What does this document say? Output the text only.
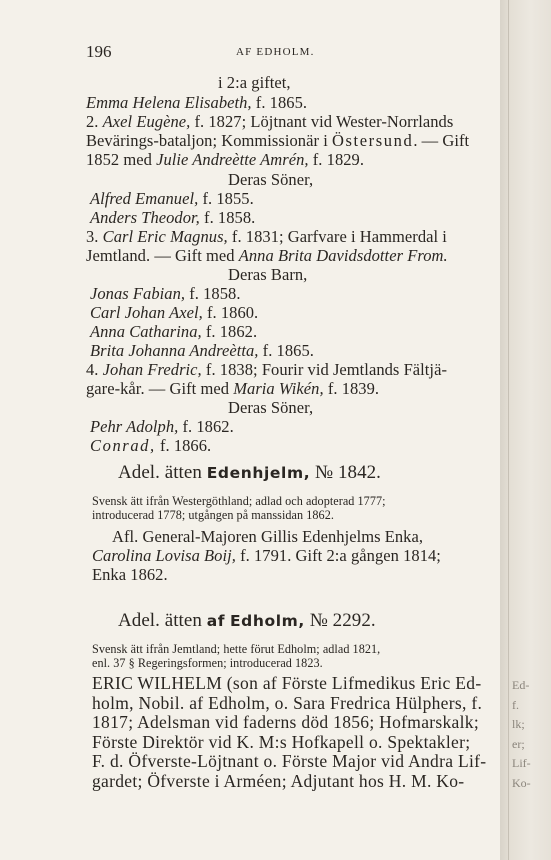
196	AF EDHOLM.
i 2:a giftet,
Emma Helena Elisabeth, f. 1865.
2. Axel Eugène, f. 1827; Löjtnant vid Wester-Norrlands
Bevärings-bataljon; Kommissionär i Östersund. — Gift
1852 med Julie Andreètte Amrén, f. 1829.
Deras Söner,
Alfred Emanuel, f. 1855.
Anders Theodor, f. 1858.
3. Carl Eric Magnus, f. 1831; Garfvare i Hammerdal i
Jemtland. — Gift med Anna Brita Davidsdotter From.
Deras Barn,
Jonas Fabian, f. 1858.
Carl Johan Axel, f. 1860.
Anna Catharina, f. 1862.
Brita Johanna Andreètta, f. 1865.
4. Johan Fredric, f. 1838; Fourir vid Jemtlands Fältjä-
gare-kår. — Gift med Maria Wikén, f. 1839.
Deras Söner,
Pehr Adolph, f. 1862.
Conrad, f. 1866.
Adel. ätten Edenhjelm, № 1842.
Svensk ätt ifrån Westergöthland; adlad och adopterad 1777;
introducerad 1778; utgången på manssidan 1862.
Afl. General-Majoren Gillis Edenhjelms Enka,
Carolina Lovisa Boij, f. 1791. Gift 2:a gången 1814;
Enka 1862.
Adel. ätten af Edholm, № 2292.
Svensk ätt ifrån Jemtland; hette förut Edholm; adlad 1821,
enl. 37 § Regeringsformen; introducerad 1823.
ERIC WILHELM (son af Förste Lifmedikus Eric Ed-
holm, Nobil. af Edholm, o. Sara Fredrica Hülphers, f.
1817; Adelsman vid faderns död 1856; Hofmarskalk;
Förste Direktör vid K. M:s Hofkapell o. Spektakler;
F. d. Öfverste-Löjtnant o. Förste Major vid Andra Lif-
gardet; Öfverste i Arméen; Adjutant hos H. M. Ko-
Ed-
f.
lk;
er;
Lif-
Ko-
